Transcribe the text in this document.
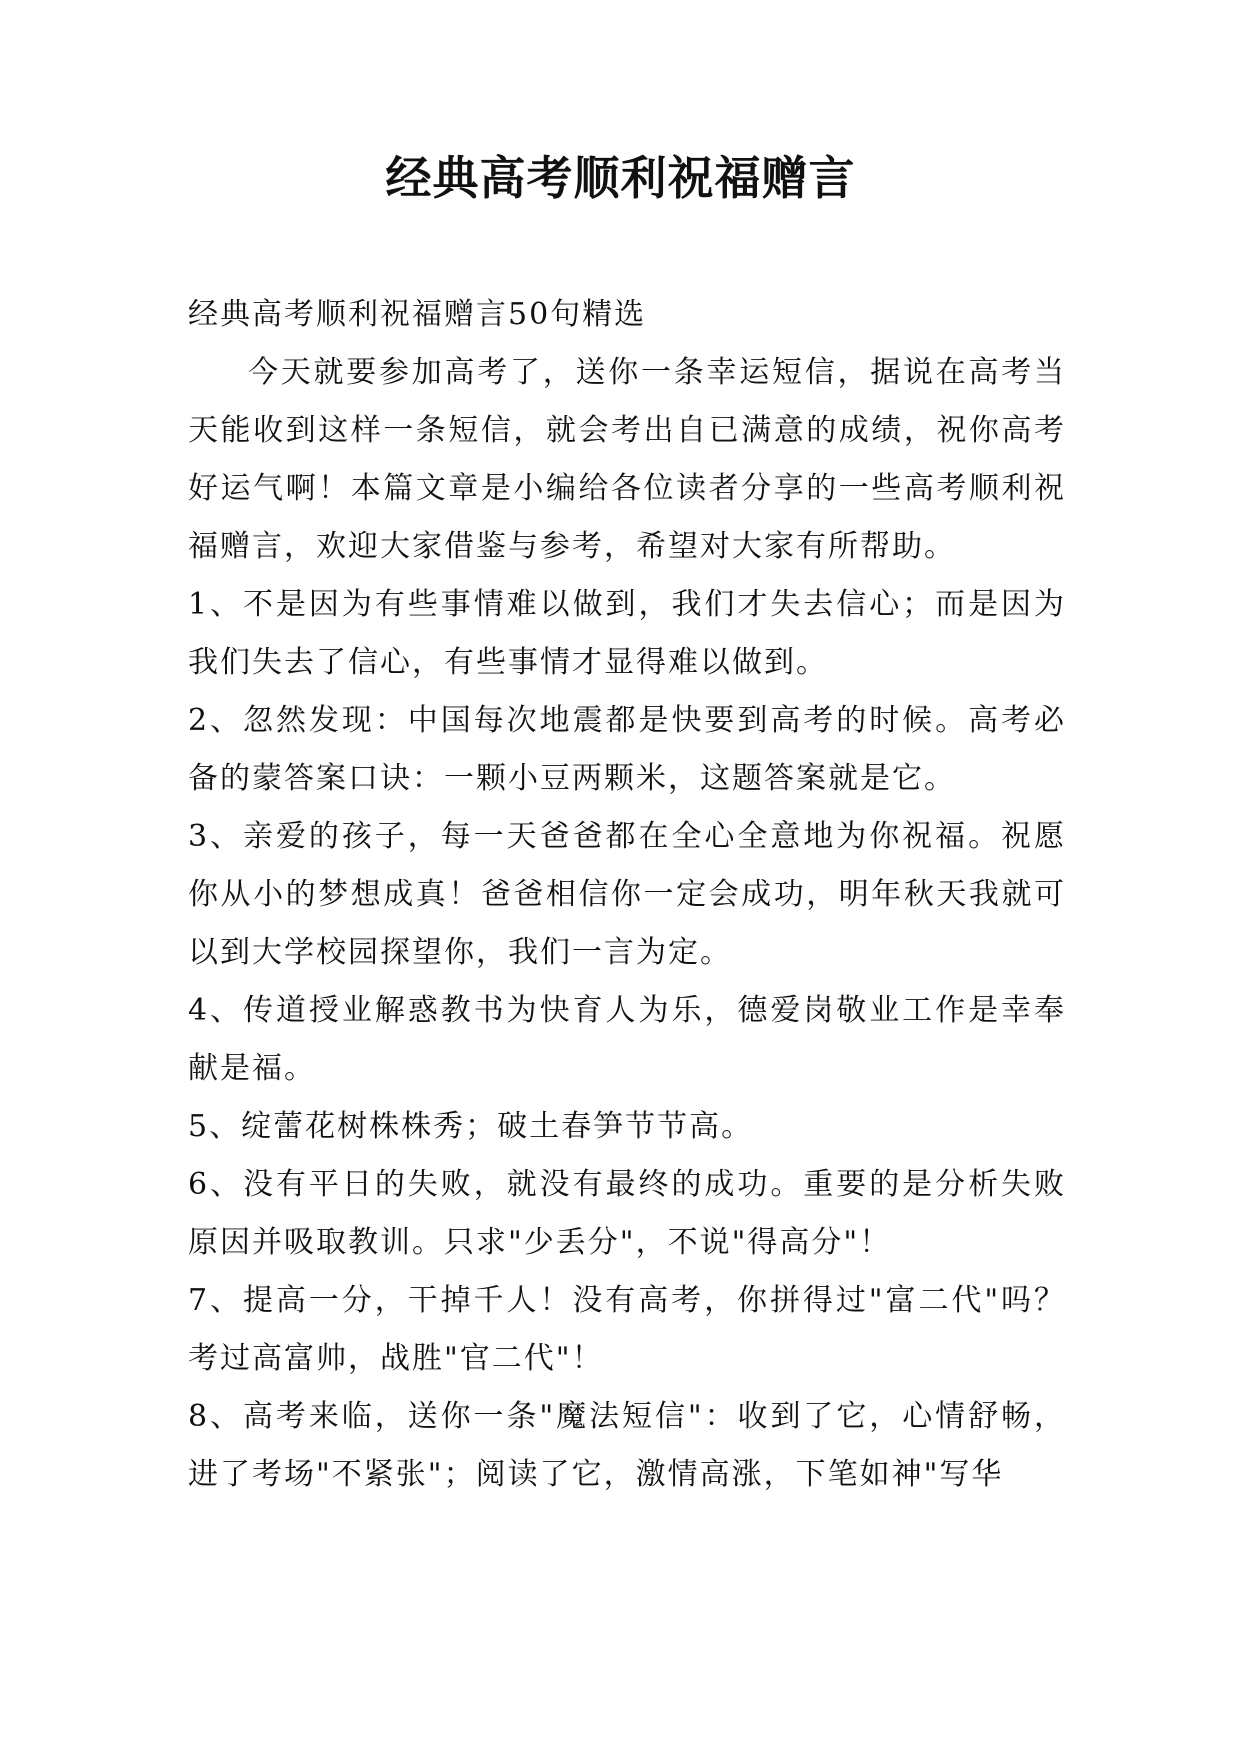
经典高考顺利祝福赠言

经典高考顺利祝福赠言50句精选

今天就要参加高考了，送你一条幸运短信，据说在高考当天能收到这样一条短信，就会考出自已满意的成绩，祝你高考好运气啊！本篇文章是小编给各位读者分享的一些高考顺利祝福赠言，欢迎大家借鉴与参考，希望对大家有所帮助。

1、不是因为有些事情难以做到，我们才失去信心；而是因为我们失去了信心，有些事情才显得难以做到。

2、忽然发现：中国每次地震都是快要到高考的时候。高考必备的蒙答案口诀：一颗小豆两颗米，这题答案就是它。

3、亲爱的孩子，每一天爸爸都在全心全意地为你祝福。祝愿你从小的梦想成真！爸爸相信你一定会成功，明年秋天我就可以到大学校园探望你，我们一言为定。

4、传道授业解惑教书为快育人为乐，德爱岗敬业工作是幸奉献是福。

5、绽蕾花树株株秀；破土春笋节节高。

6、没有平日的失败，就没有最终的成功。重要的是分析失败原因并吸取教训。只求"少丢分"，不说"得高分"！

7、提高一分，干掉千人！没有高考，你拼得过"富二代"吗？考过高富帅，战胜"官二代"！

8、高考来临，送你一条"魔法短信"：收到了它，心情舒畅，进了考场"不紧张"；阅读了它，激情高涨，下笔如神"写华
